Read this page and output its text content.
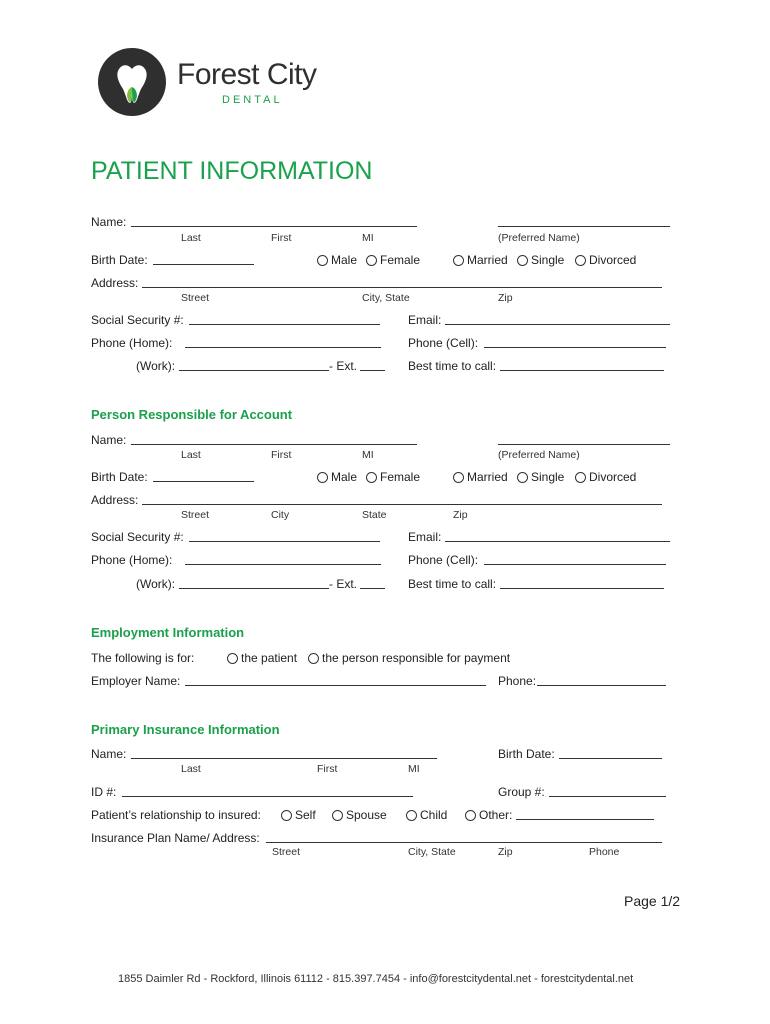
Forest City
DENTAL
PATIENT INFORMATION
Name:
Last	First	MI	(Preferred Name)
Birth Date:	Male Female	Married Single Divorced
Address:
Street	City, State	Zip
Social Security #:	Email:
Phone (Home):	Phone (Cell):
(Work):	- Ext.	Best time to call:
Person Responsible for Account
Name:
Last	First	MI	(Preferred Name)
Birth Date:	Male Female	Married Single Divorced
Address:
Street	City	State	Zip
Social Security #:	Email:
Phone (Home):	Phone (Cell):
(Work):	- Ext.	Best time to call:
Employment Information
The following is for:	the patient the person responsible for payment
Employer Name:	Phone:
Primary Insurance Information
Name:	Birth Date:
Last	First	MI
ID #:	Group #:
Patient’s relationship to insured:	Self	Spouse	Child	Other:
Insurance Plan Name/ Address:
Street	City, State	Zip	Phone
Page 1/2
1855 Daimler Rd - Rockford, Illinois 61112 - 815.397.7454 - info@forestcitydental.net - forestcitydental.net
